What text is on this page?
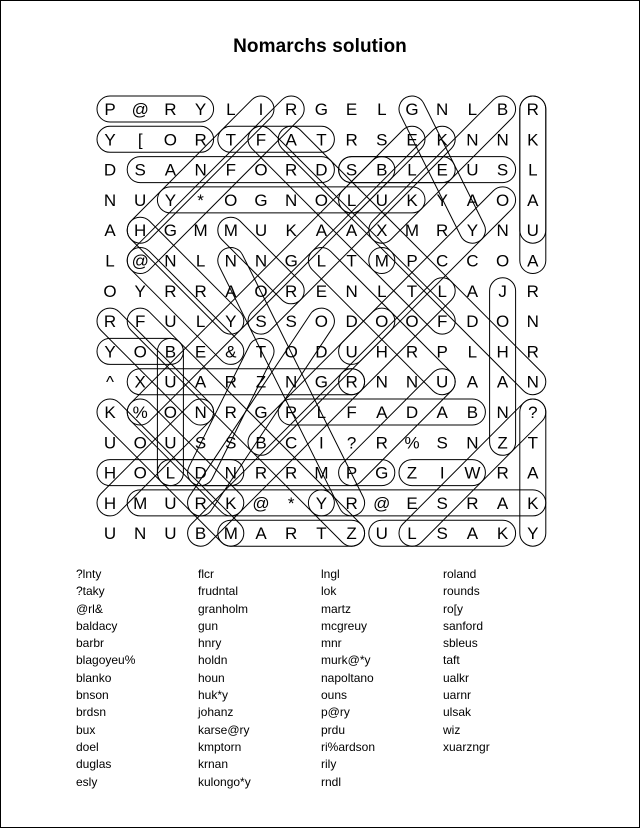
Nomarchs solution
P @ R Y L I R G E L G N L B R
Y [ O R T F A T R S E K N N K
D S A N F O R D S B L E U S L
N U Y * O G N O L U K Y A O A
A H G M M U K A A X M R Y N U
L @ N L N N G L T M P C C O A
O Y R R A O R E N L T L A J R
R F U L Y S S O D O O F D O N
Y O B E & T O D U H R P L H R
^ X U A R Z N G R N N U A A N
K % O N R G R L F A D A B N ?
U O U S S B C I ? R % S N Z T
H O L D N R R M P G Z I W R A
H M U R K @ * Y R @ E S R A K
U N U B M A R T Z U L S A K Y
?lnty
?taky
@rl&
baldacy
barbr
blagoyeu%
blanko
bnson
brdsn
bux
doel
duglas
esly
flcr
frudntal
granholm
gun
hnry
holdn
houn
huk*y
johanz
karse@ry
kmptorn
krnan
kulongo*y
lngl
lok
martz
mcgreuy
mnr
murk@*y
napoltano
ouns
p@ry
prdu
ri%ardson
rily
rndl
roland
rounds
ro[y
sanford
sbleus
taft
ualkr
uarnr
ulsak
wiz
xuarzngr
